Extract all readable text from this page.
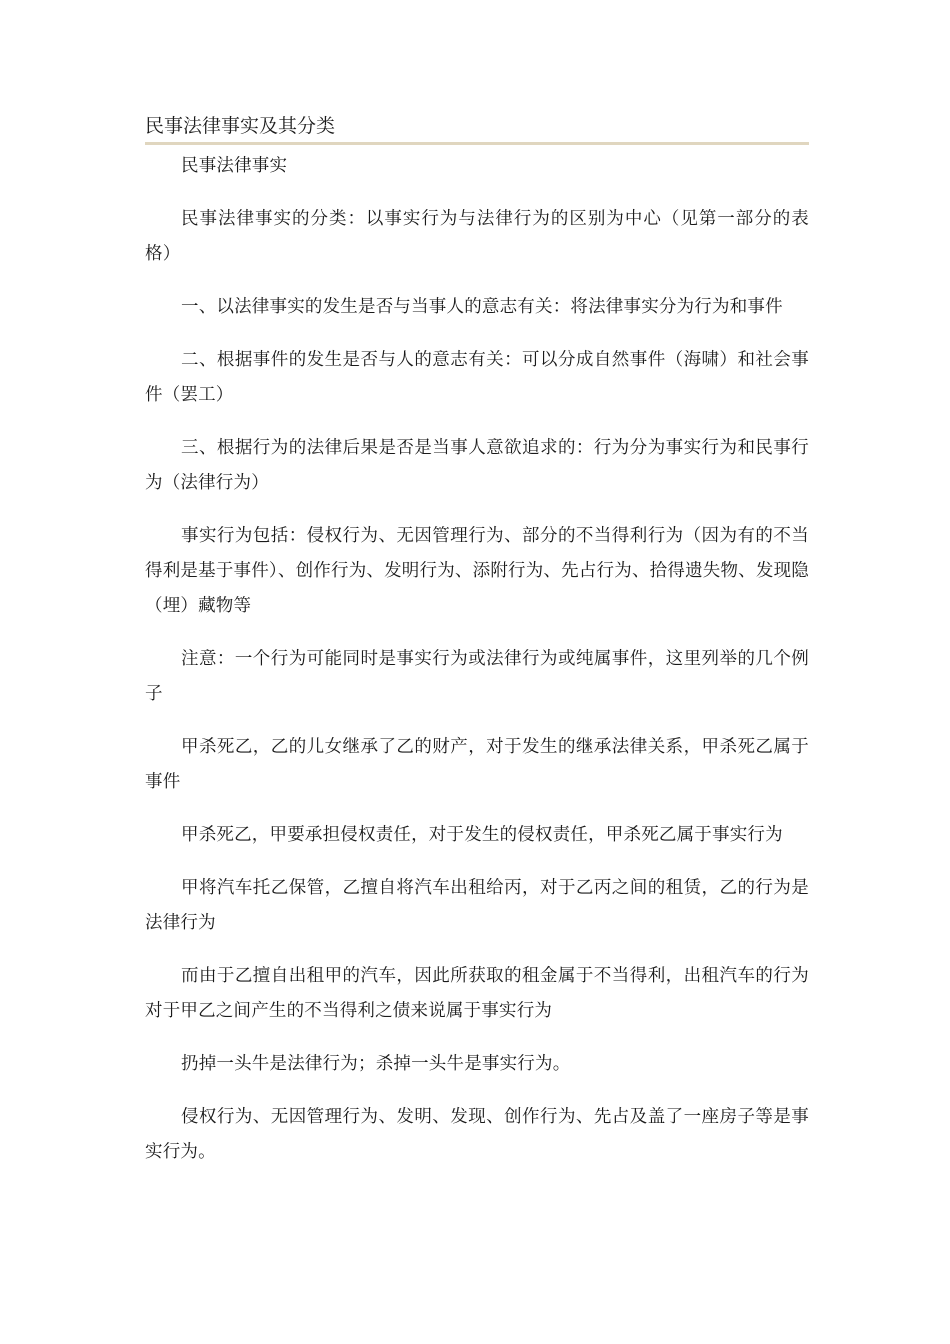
民事法律事实及其分类

民事法律事实

民事法律事实的分类：以事实行为与法律行为的区别为中心（见第一部分的表格）

一、以法律事实的发生是否与当事人的意志有关：将法律事实分为行为和事件

二、根据事件的发生是否与人的意志有关：可以分成自然事件（海啸）和社会事件（罢工）

三、根据行为的法律后果是否是当事人意欲追求的：行为分为事实行为和民事行为（法律行为）

事实行为包括：侵权行为、无因管理行为、部分的不当得利行为（因为有的不当得利是基于事件）、创作行为、发明行为、添附行为、先占行为、拾得遗失物、发现隐（埋）藏物等

注意：一个行为可能同时是事实行为或法律行为或纯属事件，这里列举的几个例子

甲杀死乙，乙的儿女继承了乙的财产，对于发生的继承法律关系，甲杀死乙属于事件

甲杀死乙，甲要承担侵权责任，对于发生的侵权责任，甲杀死乙属于事实行为

甲将汽车托乙保管，乙擅自将汽车出租给丙，对于乙丙之间的租赁，乙的行为是法律行为

而由于乙擅自出租甲的汽车，因此所获取的租金属于不当得利，出租汽车的行为对于甲乙之间产生的不当得利之债来说属于事实行为

扔掉一头牛是法律行为；杀掉一头牛是事实行为。

侵权行为、无因管理行为、发明、发现、创作行为、先占及盖了一座房子等是事实行为。
